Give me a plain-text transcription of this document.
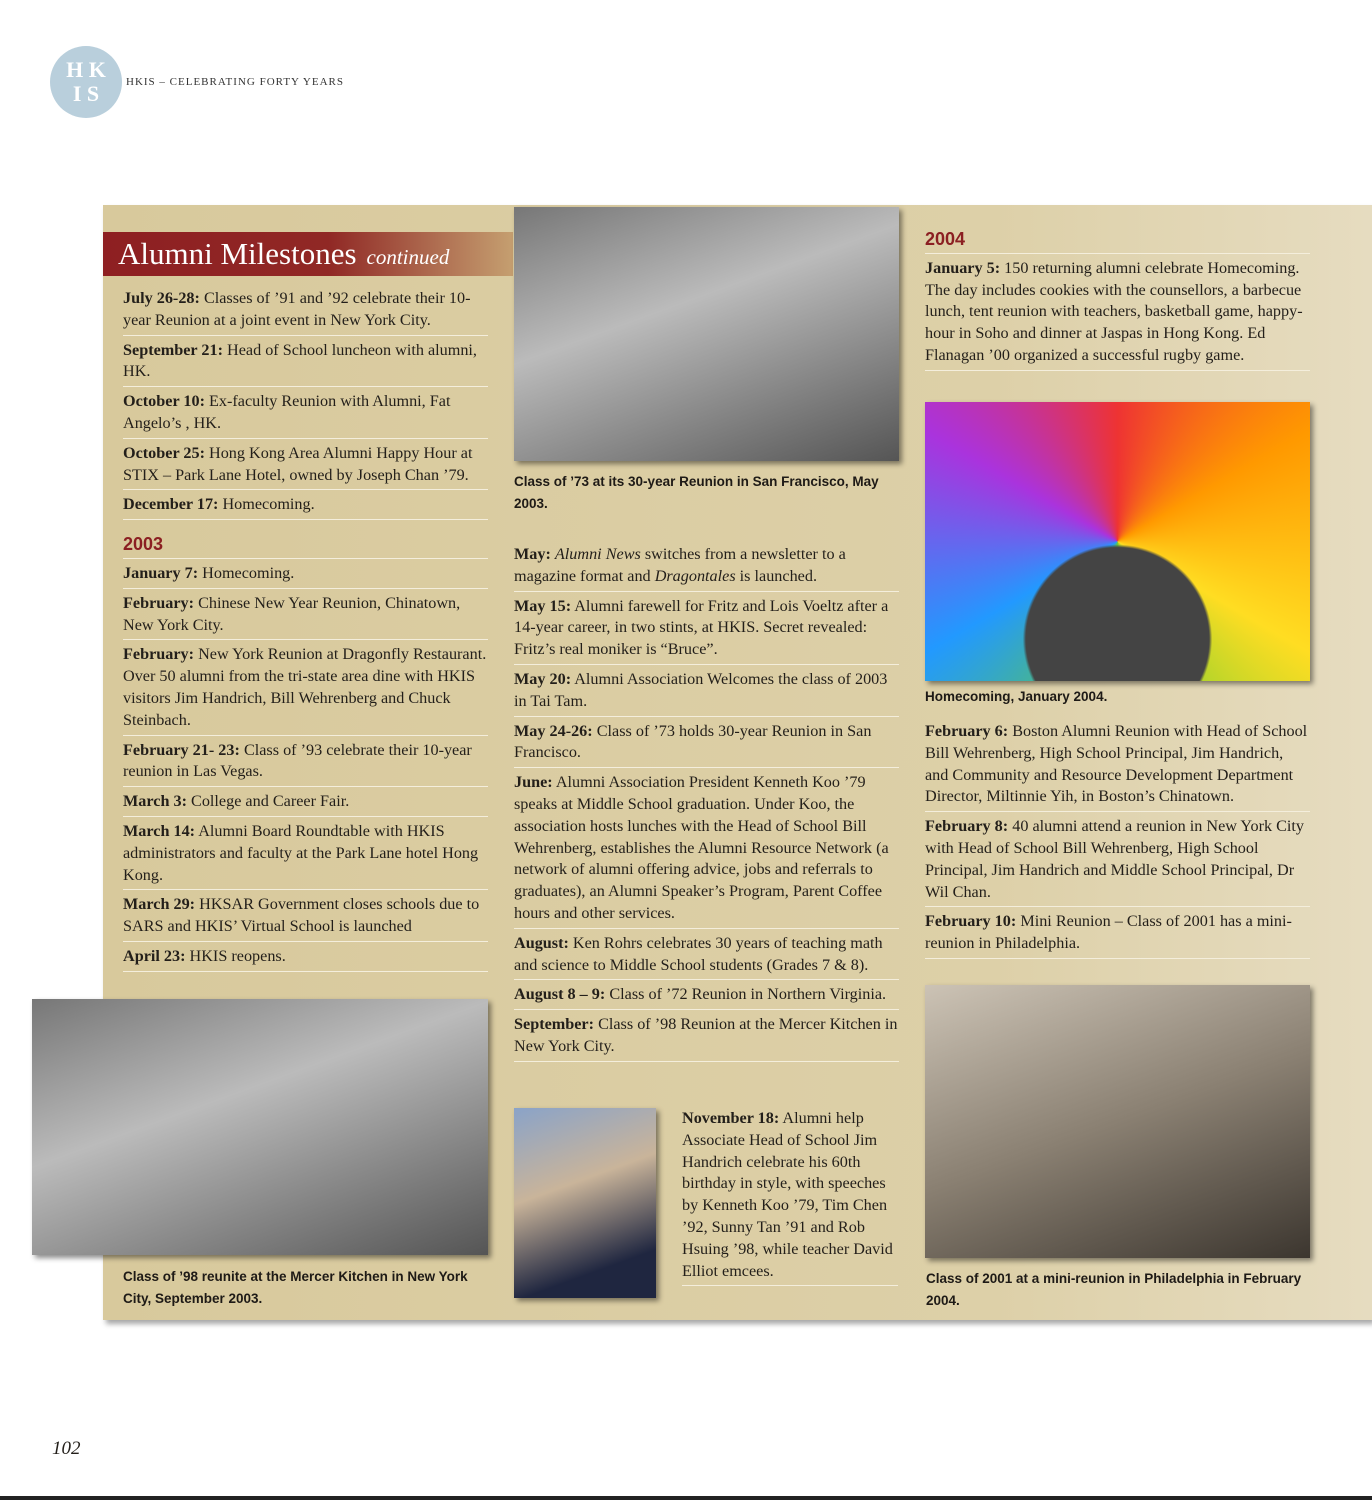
H K
I S	HKIS – CELEBRATING FORTY YEARS
Alumni Milestones continued
July 26-28: Classes of ’91 and ’92 celebrate their 10-year Reunion at a joint event in New York City.
September 21: Head of School luncheon with alumni, HK.
October 10: Ex-faculty Reunion with Alumni, Fat Angelo’s , HK.
October 25: Hong Kong Area Alumni Happy Hour at STIX – Park Lane Hotel, owned by Joseph Chan ’79.
December 17: Homecoming.
2003
January 7: Homecoming.
February: Chinese New Year Reunion, Chinatown, New York City.
February: New York Reunion at Dragonfly Restaurant. Over 50 alumni from the tri-state area dine with HKIS visitors Jim Handrich, Bill Wehrenberg and Chuck Steinbach.
February 21- 23: Class of ’93 celebrate their 10-year reunion in Las Vegas.
March 3: College and Career Fair.
March 14: Alumni Board Roundtable with HKIS administrators and faculty at the Park Lane hotel Hong Kong.
March 29: HKSAR Government closes schools due to SARS and HKIS’ Virtual School is launched
April 23: HKIS reopens.
Class of ’98 reunite at the Mercer Kitchen in New York City, September 2003.
Class of ’73 at its 30-year Reunion in San Francisco, May 2003.
May: Alumni News switches from a newsletter to a magazine format and Dragontales is launched.
May 15: Alumni farewell for Fritz and Lois Voeltz after a 14-year career, in two stints, at HKIS. Secret revealed: Fritz’s real moniker is “Bruce”.
May 20: Alumni Association Welcomes the class of 2003 in Tai Tam.
May 24-26: Class of ’73 holds 30-year Reunion in San Francisco.
June: Alumni Association President Kenneth Koo ’79 speaks at Middle School graduation. Under Koo, the association hosts lunches with the Head of School Bill Wehrenberg, establishes the Alumni Resource Network (a network of alumni offering advice, jobs and referrals to graduates), an Alumni Speaker’s Program, Parent Coffee hours and other services.
August: Ken Rohrs celebrates 30 years of teaching math and science to Middle School students (Grades 7 & 8).
August 8 – 9: Class of ’72 Reunion in Northern Virginia.
September: Class of ’98 Reunion at the Mercer Kitchen in New York City.
November 18: Alumni help Associate Head of School Jim Handrich celebrate his 60th birthday in style, with speeches by Kenneth Koo ’79, Tim Chen ’92, Sunny Tan ’91 and Rob Hsuing ’98, while teacher David Elliot emcees.
2004
January 5: 150 returning alumni celebrate Homecoming. The day includes cookies with the counsellors, a barbecue lunch, tent reunion with teachers, basketball game, happy-hour in Soho and dinner at Jaspas in Hong Kong. Ed Flanagan ’00 organized a successful rugby game.
Homecoming, January 2004.
February 6: Boston Alumni Reunion with Head of School Bill Wehrenberg, High School Principal, Jim Handrich, and Community and Resource Development Department Director, Miltinnie Yih, in Boston’s Chinatown.
February 8: 40 alumni attend a reunion in New York City with Head of School Bill Wehrenberg, High School Principal, Jim Handrich and Middle School Principal, Dr Wil Chan.
February 10: Mini Reunion – Class of 2001 has a mini-reunion in Philadelphia.
Class of 2001 at a mini-reunion in Philadelphia in February 2004.
102
